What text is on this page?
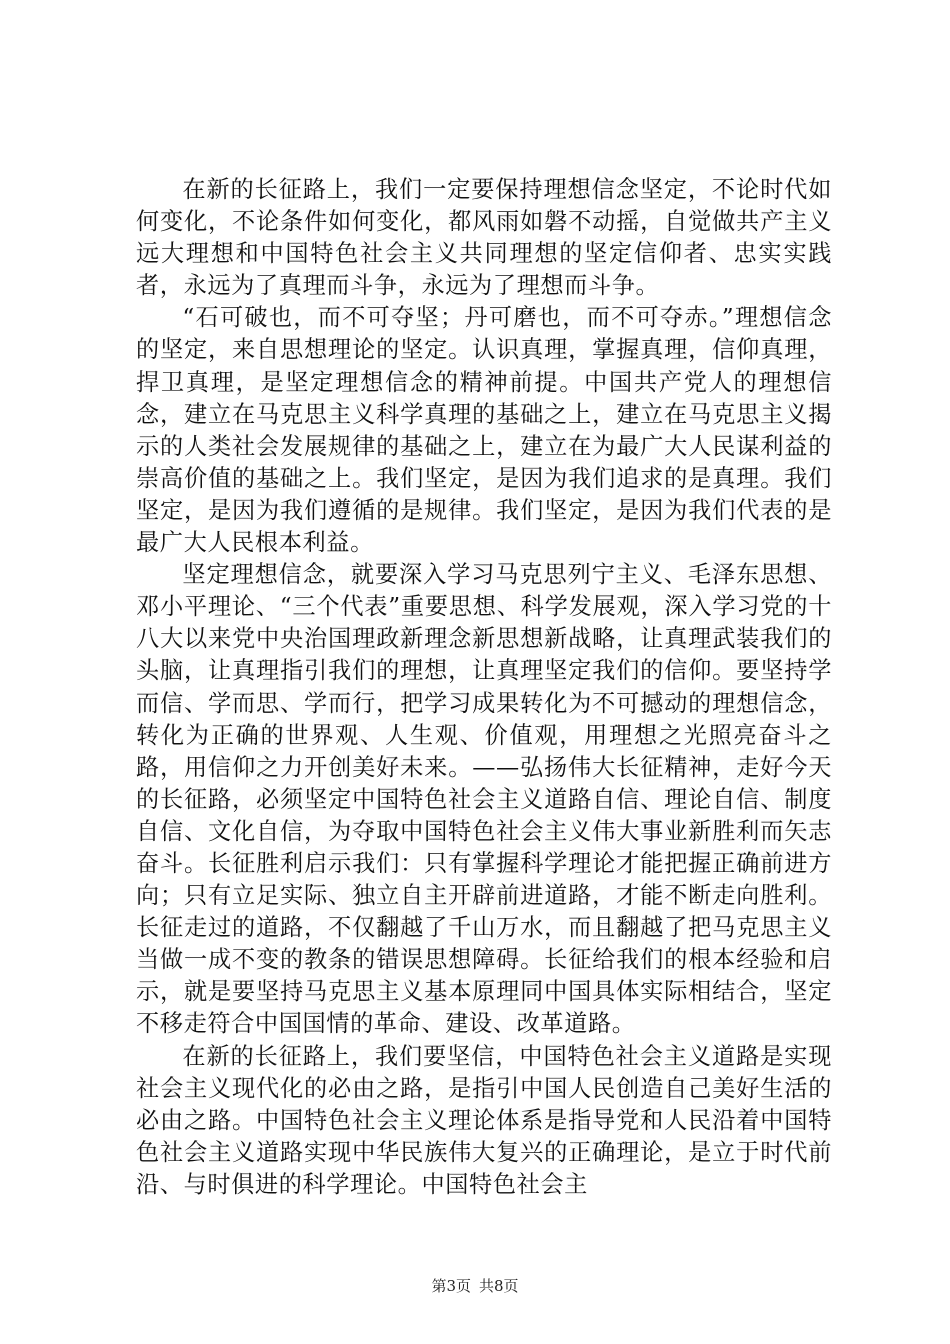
在新的长征路上，我们一定要保持理想信念坚定，不论时代如何变化，不论条件如何变化，都风雨如磐不动摇，自觉做共产主义远大理想和中国特色社会主义共同理想的坚定信仰者、忠实实践者，永远为了真理而斗争，永远为了理想而斗争。

“石可破也，而不可夺坚；丹可磨也，而不可夺赤。”理想信念的坚定，来自思想理论的坚定。认识真理，掌握真理，信仰真理，捍卫真理，是坚定理想信念的精神前提。中国共产党人的理想信念，建立在马克思主义科学真理的基础之上，建立在马克思主义揭示的人类社会发展规律的基础之上，建立在为最广大人民谋利益的崇高价值的基础之上。我们坚定，是因为我们追求的是真理。我们坚定，是因为我们遵循的是规律。我们坚定，是因为我们代表的是最广大人民根本利益。

坚定理想信念，就要深入学习马克思列宁主义、毛泽东思想、邓小平理论、“三个代表”重要思想、科学发展观，深入学习党的十八大以来党中央治国理政新理念新思想新战略，让真理武装我们的头脑，让真理指引我们的理想，让真理坚定我们的信仰。要坚持学而信、学而思、学而行，把学习成果转化为不可撼动的理想信念，转化为正确的世界观、人生观、价值观，用理想之光照亮奋斗之路，用信仰之力开创美好未来。——弘扬伟大长征精神，走好今天的长征路，必须坚定中国特色社会主义道路自信、理论自信、制度自信、文化自信，为夺取中国特色社会主义伟大事业新胜利而矢志奋斗。长征胜利启示我们：只有掌握科学理论才能把握正确前进方向；只有立足实际、独立自主开辟前进道路，才能不断走向胜利。长征走过的道路，不仅翻越了千山万水，而且翻越了把马克思主义当做一成不变的教条的错误思想障碍。长征给我们的根本经验和启示，就是要坚持马克思主义基本原理同中国具体实际相结合，坚定不移走符合中国国情的革命、建设、改革道路。

在新的长征路上，我们要坚信，中国特色社会主义道路是实现社会主义现代化的必由之路，是指引中国人民创造自己美好生活的必由之路。中国特色社会主义理论体系是指导党和人民沿着中国特色社会主义道路实现中华民族伟大复兴的正确理论，是立于时代前沿、与时俱进的科学理论。中国特色社会主

第3页 共8页
